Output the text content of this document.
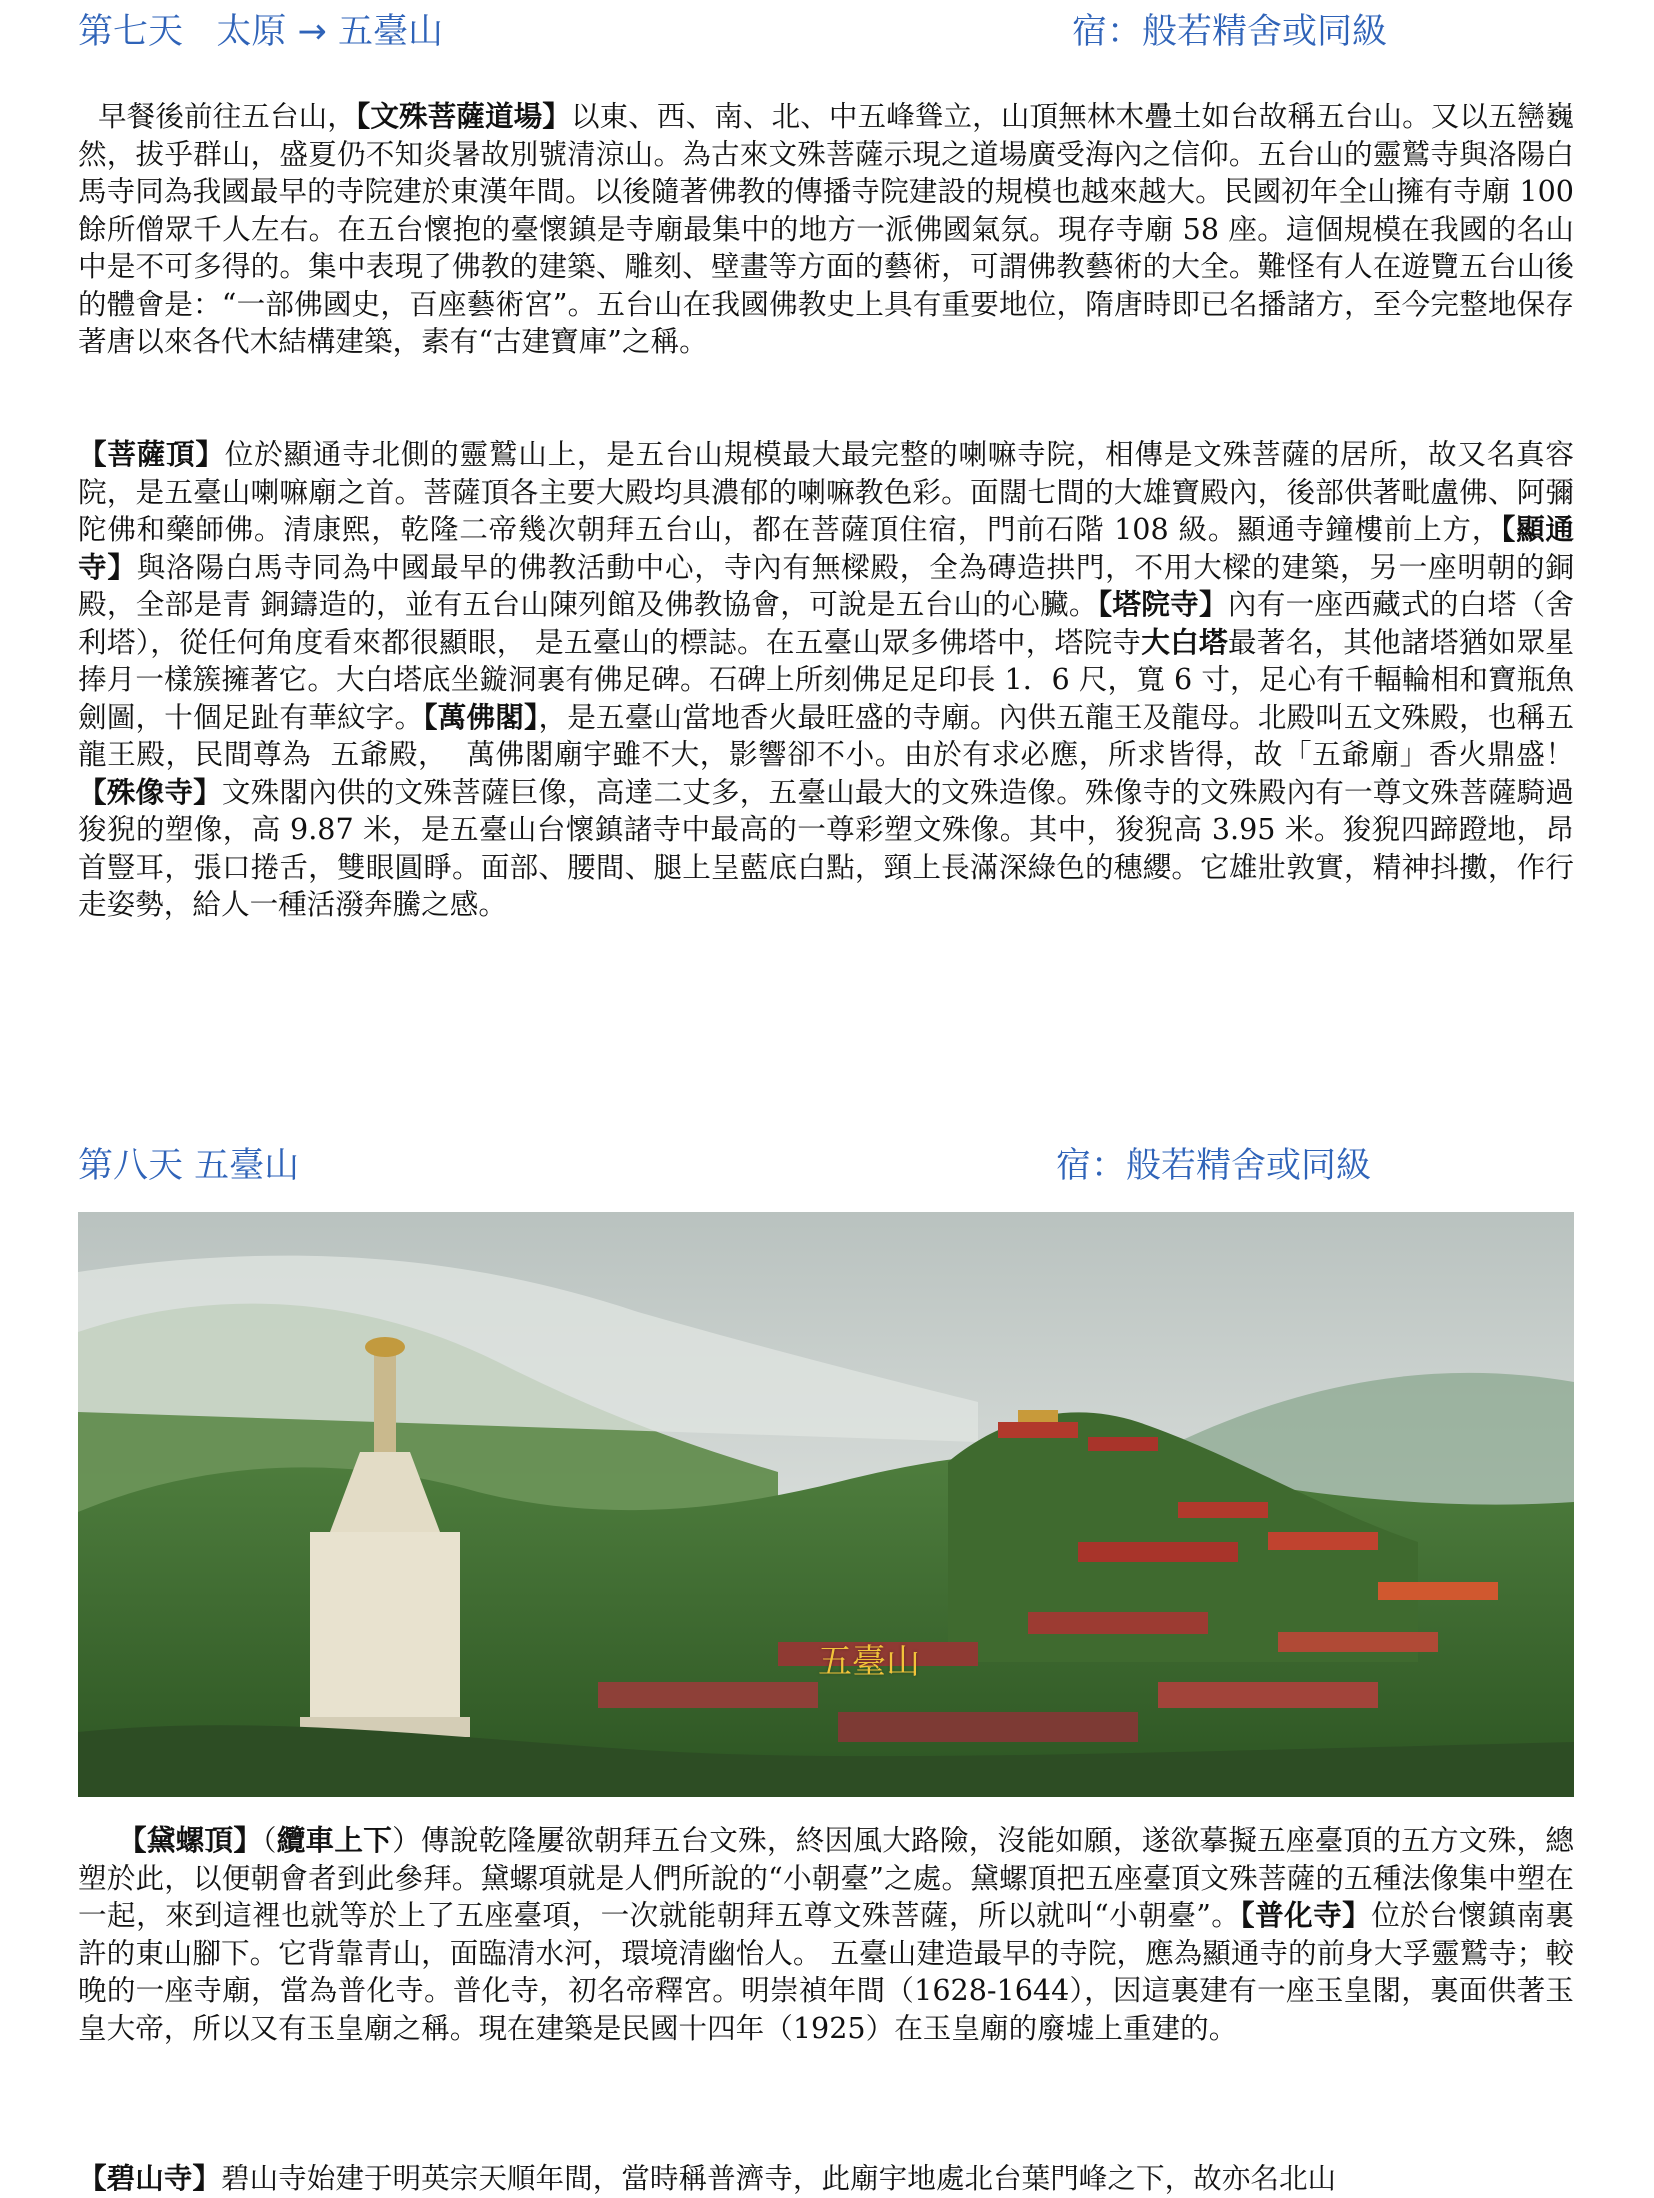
第七天   太原 → 五臺山	宿：般若精舍或同級

早餐後前往五台山，【文殊菩薩道場】以東、西、南、北、中五峰聳立，山頂無林木疊土如台故稱五台山。又以五巒巍然，拔乎群山，盛夏仍不知炎暑故別號清涼山。為古來文殊菩薩示現之道場廣受海內之信仰。五台山的靈鷲寺與洛陽白馬寺同為我國最早的寺院建於東漢年間。以後隨著佛教的傳播寺院建設的規模也越來越大。民國初年全山擁有寺廟 100 餘所僧眾千人左右。在五台懷抱的臺懷鎮是寺廟最集中的地方一派佛國氣氛。現存寺廟 58 座。這個規模在我國的名山中是不可多得的。集中表現了佛教的建築、雕刻、壁畫等方面的藝術，可謂佛教藝術的大全。難怪有人在遊覽五台山後的體會是：“一部佛國史，百座藝術宮”。五台山在我國佛教史上具有重要地位，隋唐時即已名播諸方，至今完整地保存著唐以來各代木結構建築，素有“古建寶庫”之稱。

【菩薩頂】位於顯通寺北側的靈鷲山上，是五台山規模最大最完整的喇嘛寺院，相傳是文殊菩薩的居所，故又名真容院，是五臺山喇嘛廟之首。菩薩頂各主要大殿均具濃郁的喇嘛教色彩。面闊七間的大雄寶殿內，後部供著毗盧佛、阿彌陀佛和藥師佛。清康熙，乾隆二帝幾次朝拜五台山，都在菩薩頂住宿，門前石階 108 級。顯通寺鐘樓前上方，【顯通寺】與洛陽白馬寺同為中國最早的佛教活動中心，寺內有無樑殿，全為磚造拱門，不用大樑的建築，另一座明朝的銅殿，全部是青 銅鑄造的，並有五台山陳列館及佛教協會，可說是五台山的心臟。【塔院寺】內有一座西藏式的白塔（舍利塔），從任何角度看來都很顯眼， 是五臺山的標誌。在五臺山眾多佛塔中，塔院寺大白塔最著名，其他諸塔猶如眾星捧月一樣簇擁著它。大白塔底坐鏇洞裏有佛足碑。石碑上所刻佛足足印長 1．6 尺，寬 6 寸，足心有千輻輪相和寶瓶魚劍圖，十個足趾有華紋字。【萬佛閣】，是五臺山當地香火最旺盛的寺廟。內供五龍王及龍母。北殿叫五文殊殿，也稱五龍王殿，民間尊為  五爺殿，  萬佛閣廟宇雖不大，影響卻不小。由於有求必應，所求皆得，故「五爺廟」香火鼎盛！   【殊像寺】文殊閣內供的文殊菩薩巨像，高達二丈多，五臺山最大的文殊造像。殊像寺的文殊殿內有一尊文殊菩薩騎過狻猊的塑像，高 9.87 米，是五臺山台懷鎮諸寺中最高的一尊彩塑文殊像。其中，狻猊高 3.95 米。狻猊四蹄蹬地，昂首豎耳，張口捲舌，雙眼圓睜。面部、腰間、腿上呈藍底白點，頸上長滿深綠色的穗纓。它雄壯敦實，精神抖擻，作行走姿勢，給人一種活潑奔騰之感。

第八天 五臺山	宿：般若精舍或同級
五臺山

【黛螺頂】（纜車上下）傳說乾隆屢欲朝拜五台文殊，終因風大路險，沒能如願，遂欲摹擬五座臺頂的五方文殊，總塑於此，以便朝會者到此參拜。黛螺項就是人們所說的“小朝臺”之處。黛螺頂把五座臺頂文殊菩薩的五種法像集中塑在一起，來到這裡也就等於上了五座臺項，一次就能朝拜五尊文殊菩薩，所以就叫“小朝臺”。【普化寺】位於台懷鎮南裏許的東山腳下。它背靠青山，面臨清水河，環境清幽怡人。 五臺山建造最早的寺院，應為顯通寺的前身大孚靈鷲寺；較晚的一座寺廟，當為普化寺。普化寺，初名帝釋宮。明崇禎年間（1628-1644），因這裏建有一座玉皇閣，裏面供著玉皇大帝，所以又有玉皇廟之稱。現在建築是民國十四年（1925）在玉皇廟的廢墟上重建的。

【碧山寺】碧山寺始建于明英宗天順年間，當時稱普濟寺，此廟宇地處北台葉門峰之下，故亦名北山
